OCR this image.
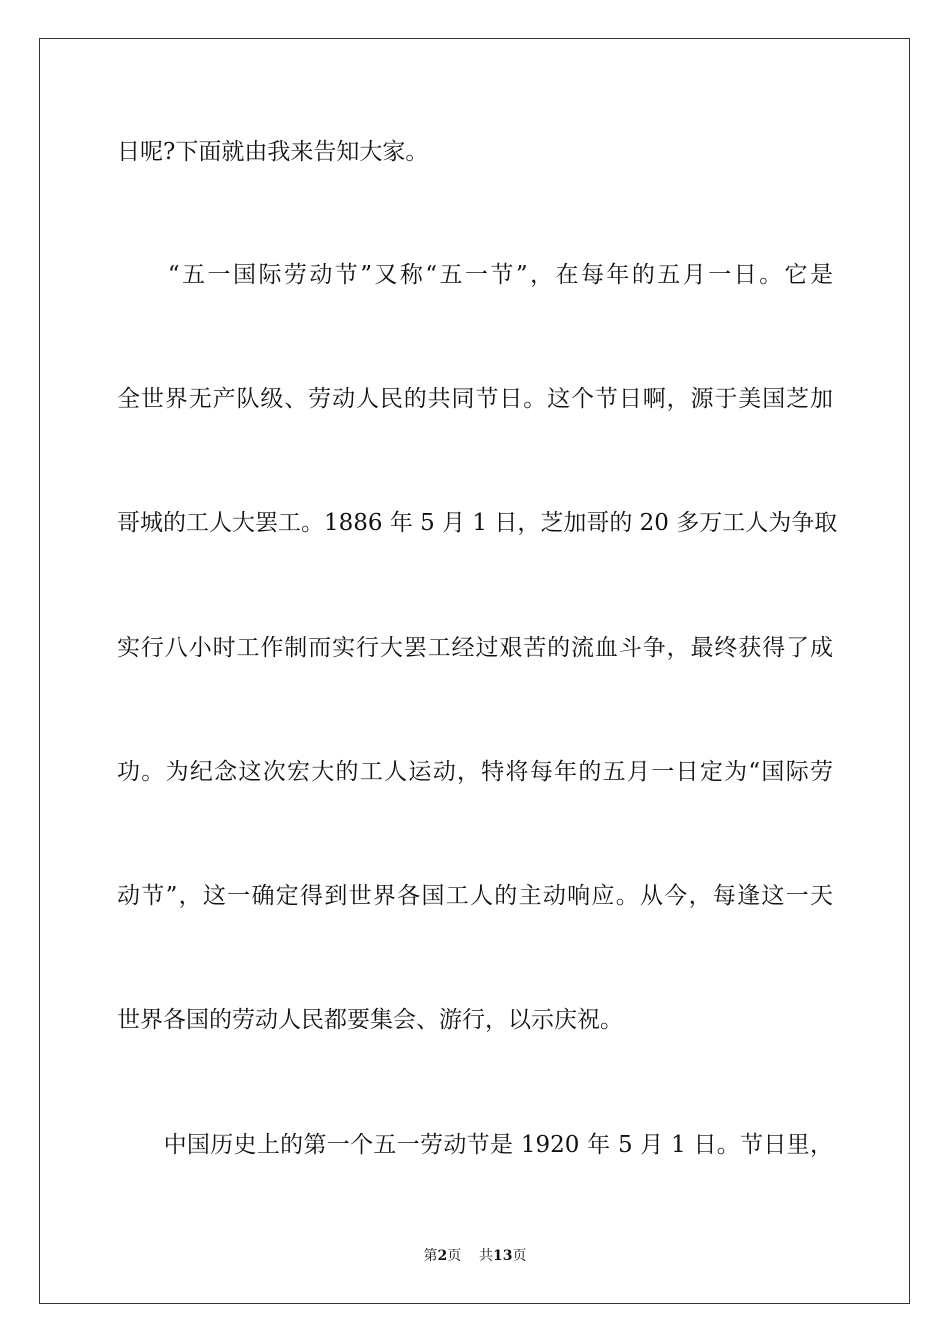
日呢?下面就由我来告知大家。
　　“五一国际劳动节”又称“五一节”，在每年的五月一日。它是
全世界无产队级、劳动人民的共同节日。这个节日啊，源于美国芝加
哥城的工人大罢工。1886 年 5 月 1 日，芝加哥的 20 多万工人为争取
实行八小时工作制而实行大罢工经过艰苦的流血斗争，最终获得了成
功。为纪念这次宏大的工人运动，特将每年的五月一日定为“国际劳
动节”，这一确定得到世界各国工人的主动响应。从今，每逢这一天
世界各国的劳动人民都要集会、游行，以示庆祝。
　　中国历史上的第一个五一劳动节是 1920 年 5 月 1 日。节日里，
第2页 共13页
